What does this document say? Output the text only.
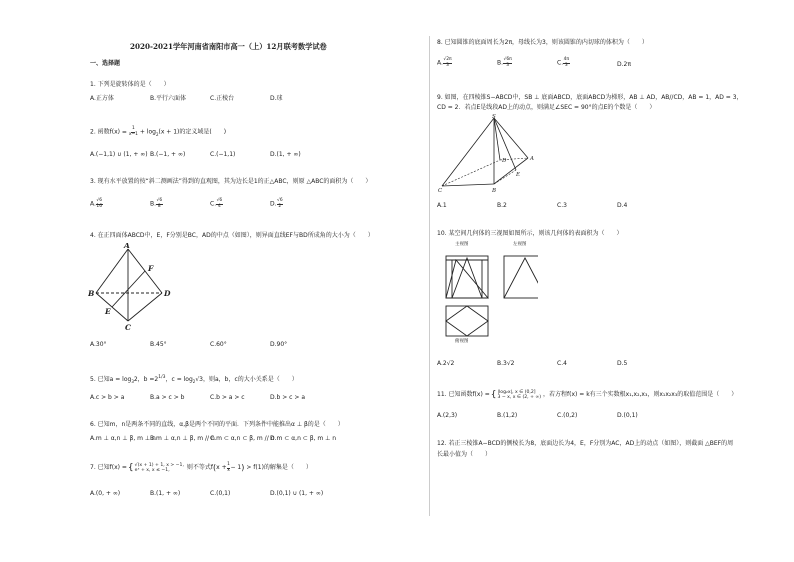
2020-2021学年河南省南阳市高一（上）12月联考数学试卷
一、选择题
1. 下列是旋转体的是（　　）
A.正方体	B.平行六面体	C.正棱台	D.球
2. 函数$f(x) = \frac{1}{x-1} + \log_2(x + 1)$的定义域是(　　)
A.(−1,1) ∪ (1, + ∞) B.(−1, + ∞)	C.(−1,1)	D.(1, + ∞)
3. 现有水平放置的按“斜二测画法”得到的直观图，其为边长是1的正△ABC，则原 △ABC的面积为（　　）
A. $\frac{√6}{16}$	B. $\frac{√6}{8}$	C. $\frac{√6}{4}$	D. $\frac{√6}{2}$
4. 在正四面体ABCD中，E，F分别是BC，AD的中点（如图），则异面直线EF与BD所成角的大小为（　　）
A
B
C
D
E
F
A.30°	B.45°	C.60°	D.90°
5. 已知$a = \log_32$，$b =2^{1/3}$，$c = \log_2√3$，则a，b，c的大小关系是（　　）
A.c > b > a	B.a > c > b	C.b > a > c	D.b > c > a
6. 已知m，n是两条不同的直线，α,β是两个不同的平面．下列条件中能推出α ⊥ β的是（　　）
A.m ⊥ α,n ⊥ β, m ⊥ n
B.m ⊥ α,n ⊥ β, m // n
C.m ⊂ α,n ⊂ β, m // n
D.m ⊂ α,n ⊂ β, m ⊥ n
7. 已知f(x) = { √(x + 1) + 1, x > −1,
eˣ + x, x ≤ −1,	则不等式f ( $x + \frac{1}{x} - 1$ ) > f(1)的解集是（　　）
A.(0, + ∞)	B.(1, + ∞)	C.(0,1)	D.(0,1) ∪ (1, + ∞)
8. 已知圆锥的底面周长为2π，母线长为3，则该圆锥的内切球的体积为（　　）
A. $\frac{√2\pi}{3}$	B. $\frac{√6\pi}{3}$	C. $\frac{4\pi}{3}$	D.2π
9. 如图，在四棱锥S−ABCD中，SB ⊥ 底面ABCD，底面ABCD为梯形，AB ⊥ AD，AB//CD，AB = 1，AD = 3，
CD = 2．若点E是线段AD上的动点，则满足∠SEC = 90°的点E的个数是（　　）
S
A
B
C
D
E
A.1	B.2	C.3	D.4
10. 某空间几何体的三视图如图所示，则该几何体的表面积为（　　）
主视图	左视图
俯视图
A.2√2	B.3√2	C.4	D.5
11. 已知函数f(x) = { |log₂x|, x ∈ (0,2]
3 − x, x ∈ (2, + ∞) ，若方程f(x) = k有三个实数根x₁,x₂,x₃，则x₁x₂x₃的取值范围是（　　）
A.(2,3)	B.(1,2)	C.(0,2)	D.(0,1)
12. 若正三棱锥A−BCD的侧棱长为8，底面边长为4，E，F分别为AC，AD上的动点（如图），则截面 △BEF的周
长最小值为（　　）
